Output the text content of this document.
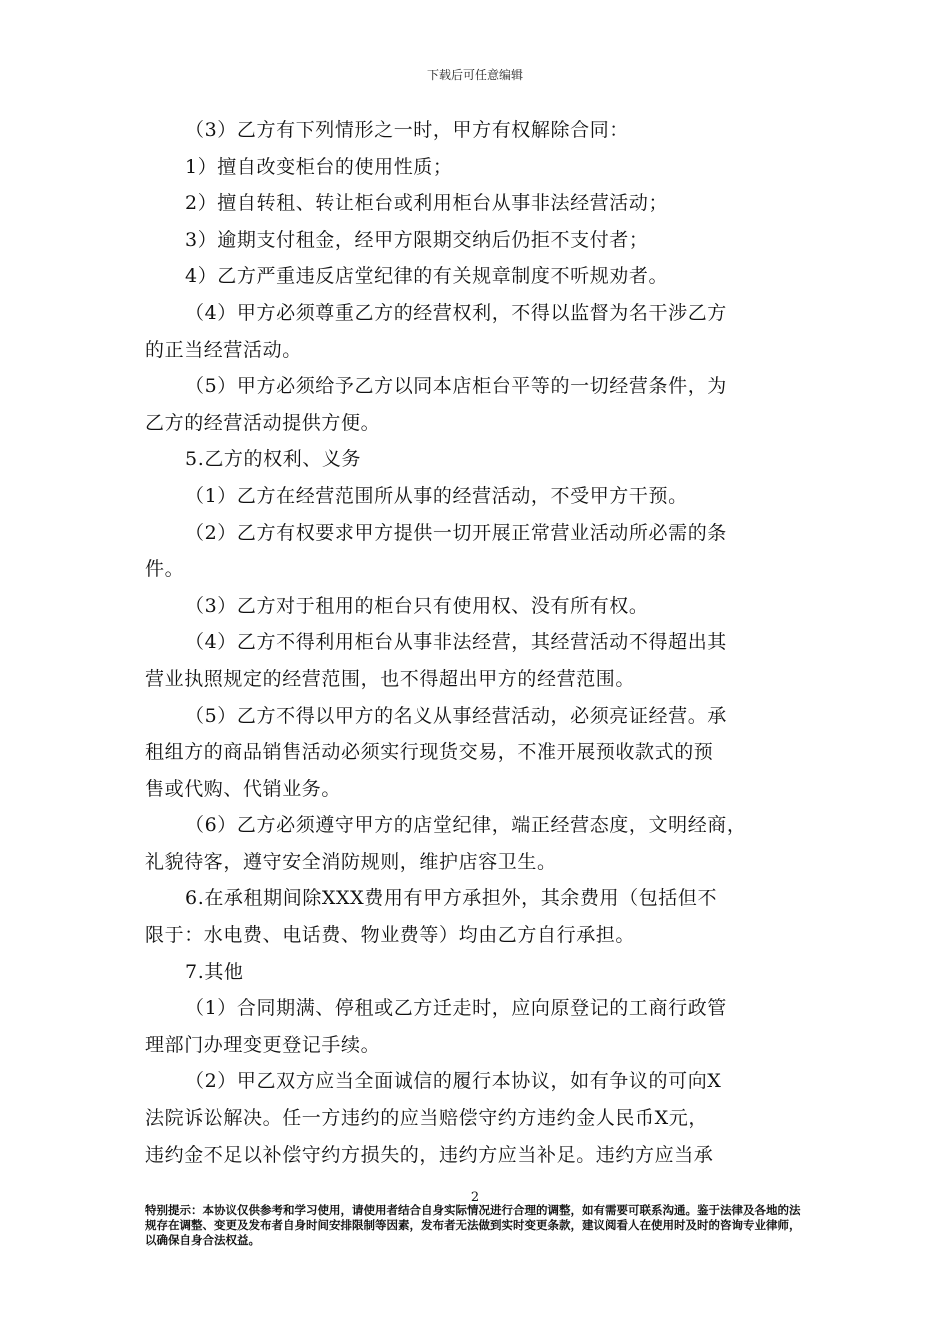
下载后可任意编辑
（3）乙方有下列情形之一时，甲方有权解除合同：
1）擅自改变柜台的使用性质；
2）擅自转租、转让柜台或利用柜台从事非法经营活动；
3）逾期支付租金，经甲方限期交纳后仍拒不支付者；
4）乙方严重违反店堂纪律的有关规章制度不听规劝者。
（4）甲方必须尊重乙方的经营权利，不得以监督为名干涉乙方
的正当经营活动。
（5）甲方必须给予乙方以同本店柜台平等的一切经营条件，为
乙方的经营活动提供方便。
5.乙方的权利、义务
（1）乙方在经营范围所从事的经营活动，不受甲方干预。
（2）乙方有权要求甲方提供一切开展正常营业活动所必需的条
件。
（3）乙方对于租用的柜台只有使用权、没有所有权。
（4）乙方不得利用柜台从事非法经营，其经营活动不得超出其
营业执照规定的经营范围，也不得超出甲方的经营范围。
（5）乙方不得以甲方的名义从事经营活动，必须亮证经营。承
租组方的商品销售活动必须实行现货交易，不准开展预收款式的预
售或代购、代销业务。
（6）乙方必须遵守甲方的店堂纪律，端正经营态度，文明经商，
礼貌待客，遵守安全消防规则，维护店容卫生。
6.在承租期间除XXX费用有甲方承担外，其余费用（包括但不
限于：水电费、电话费、物业费等）均由乙方自行承担。
7.其他
（1）合同期满、停租或乙方迁走时，应向原登记的工商行政管
理部门办理变更登记手续。
（2）甲乙双方应当全面诚信的履行本协议，如有争议的可向X
法院诉讼解决。任一方违约的应当赔偿守约方违约金人民币X元，
违约金不足以补偿守约方损失的，违约方应当补足。违约方应当承
2
特别提示：本协议仅供参考和学习使用，请使用者结合自身实际情况进行合理的调整，如有需要可联系沟通。鉴于法律及各地的法规存在调整、变更及发布者自身时间安排限制等因素，发布者无法做到实时变更条款，建议阅看人在使用时及时的咨询专业律师，以确保自身合法权益。
